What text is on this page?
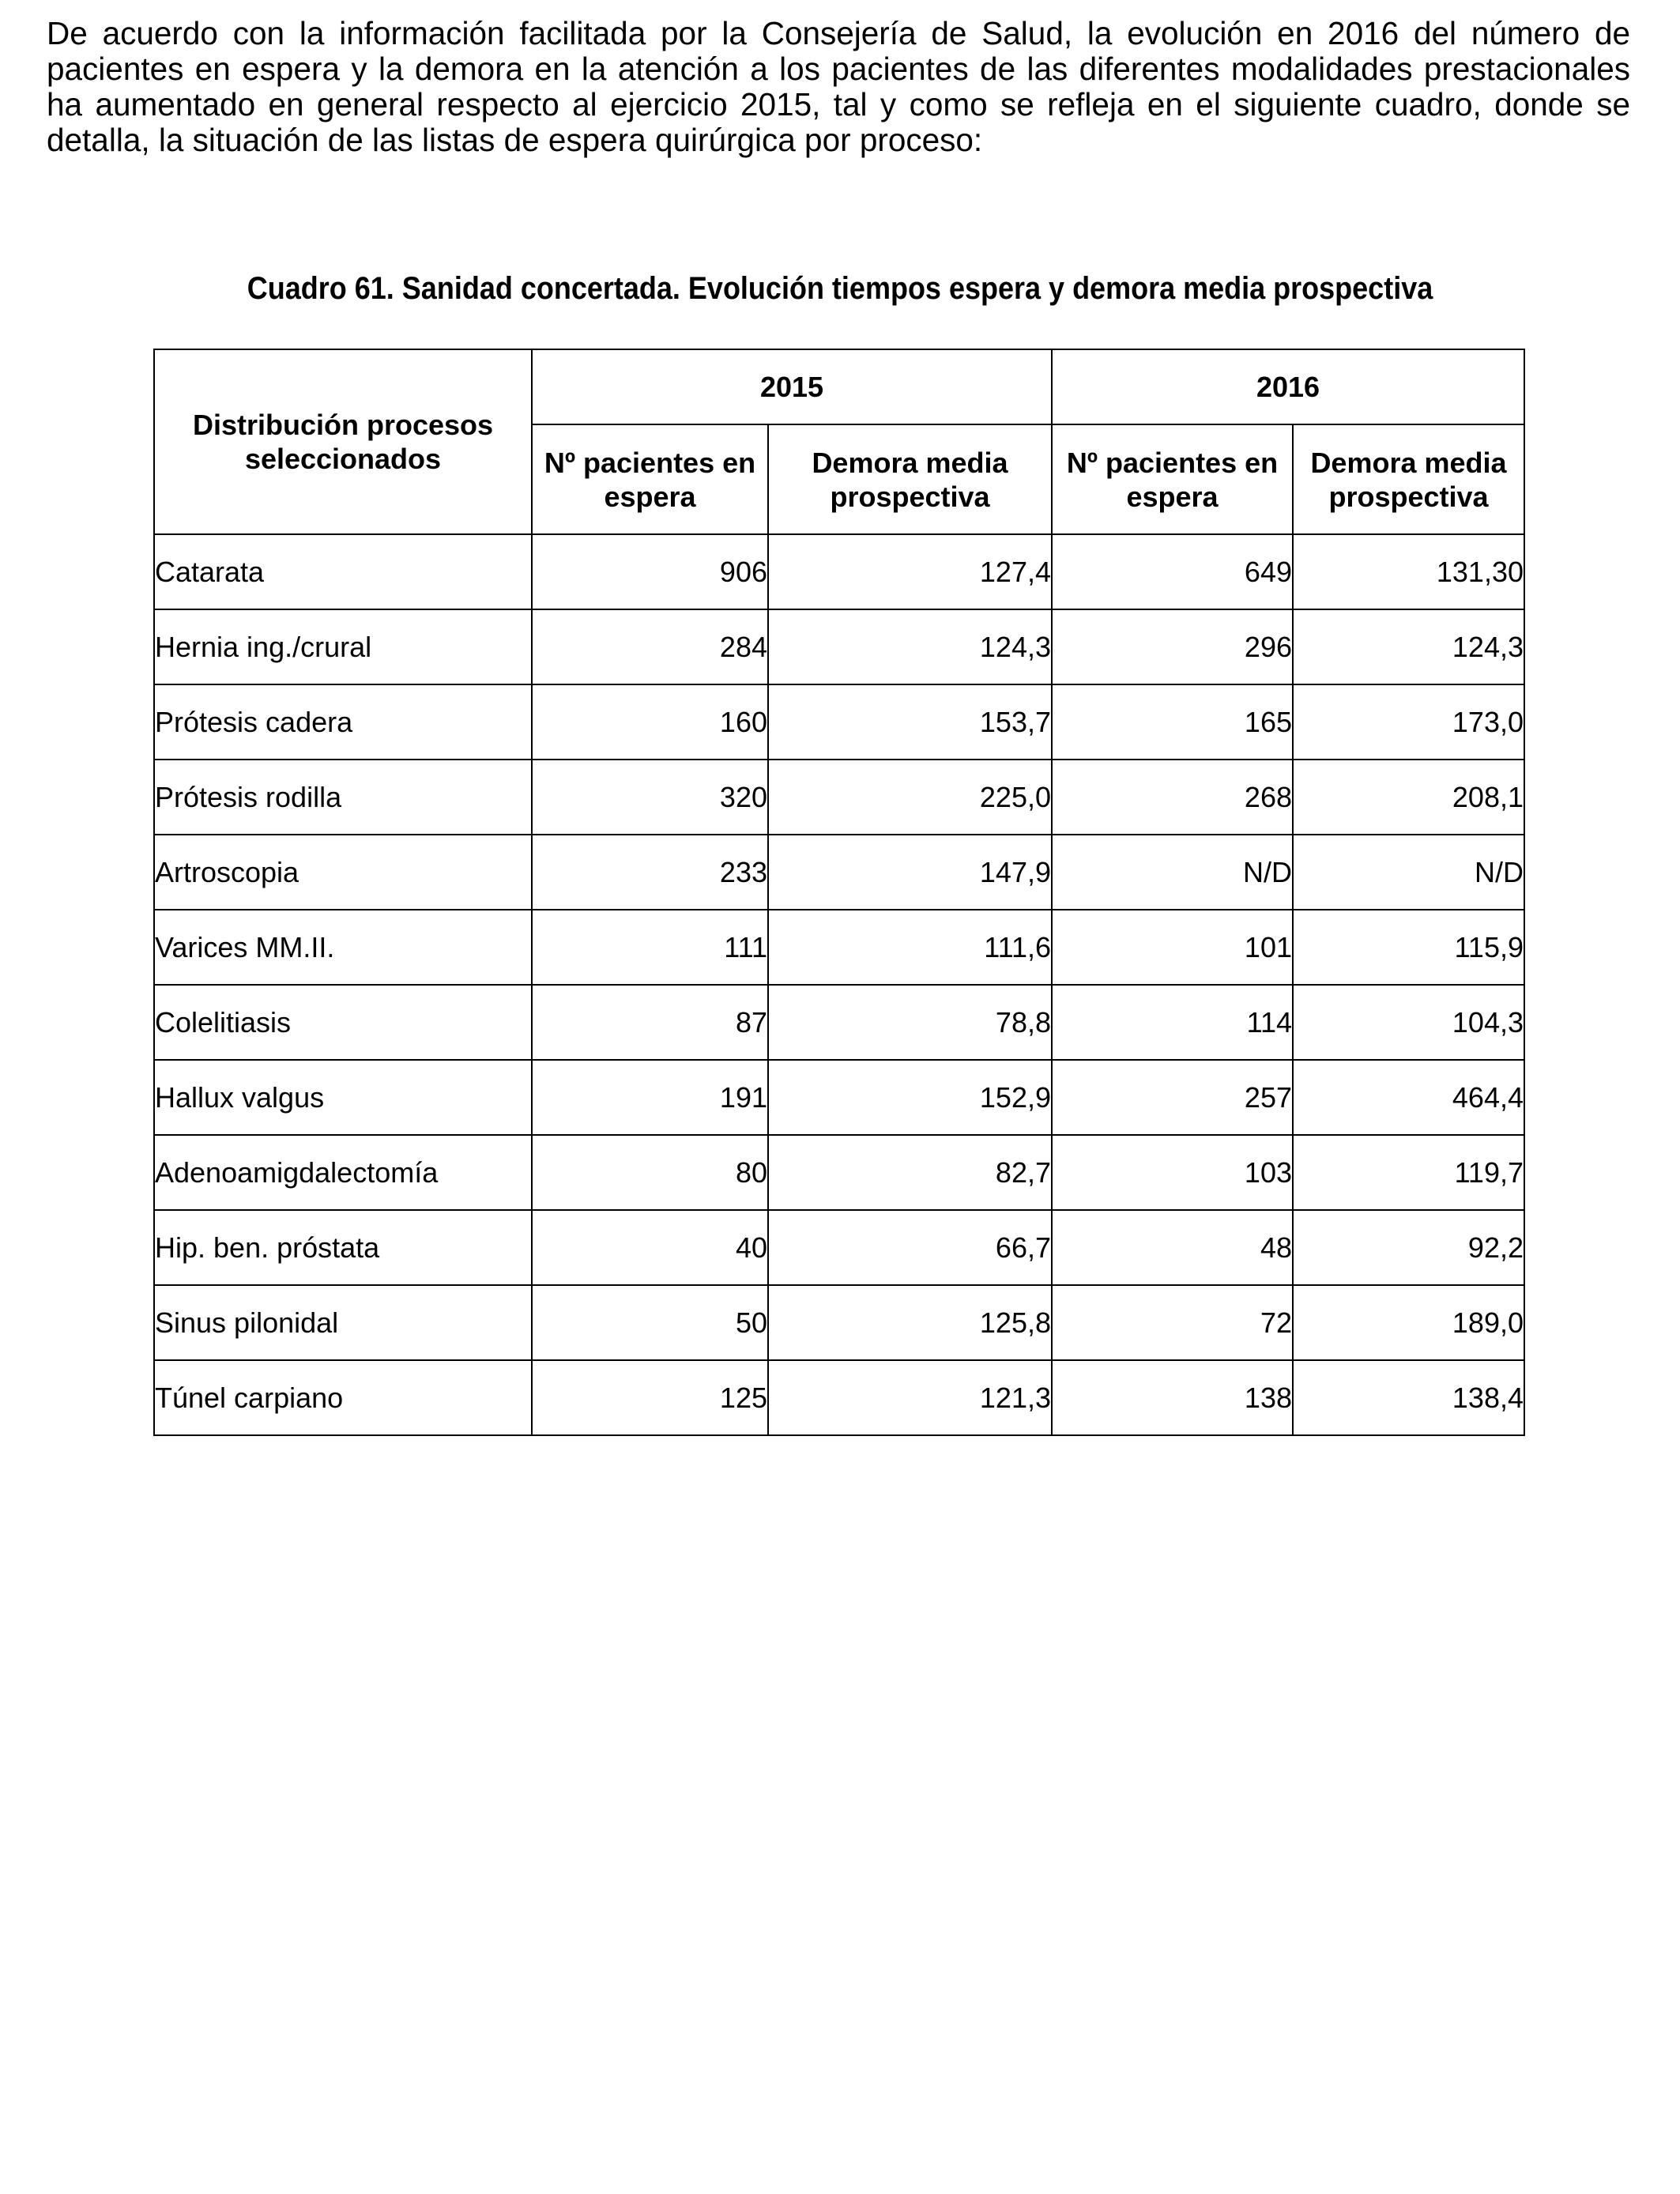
De acuerdo con la información facilitada por la Consejería de Salud, la evolución en 2016 del número de pacientes en espera y la demora en la atención a los pacientes de las diferentes modalidades prestacionales ha aumentado en general respecto al ejercicio 2015, tal y como se refleja en el siguiente cuadro, donde se detalla, la situación de las listas de espera quirúrgica por proceso:

Cuadro 61. Sanidad concertada. Evolución tiempos espera y demora media prospectiva

Distribución procesos seleccionados	2015		2016	
	Nº pacientes en espera	Demora media prospectiva	Nº pacientes en espera	Demora media prospectiva
Catarata	906	127,4	649	131,30
Hernia ing./crural	284	124,3	296	124,3
Prótesis cadera	160	153,7	165	173,0
Prótesis rodilla	320	225,0	268	208,1
Artroscopia	233	147,9	N/D	N/D
Varices MM.II.	111	111,6	101	115,9
Colelitiasis	87	78,8	114	104,3
Hallux valgus	191	152,9	257	464,4
Adenoamigdalectomía	80	82,7	103	119,7
Hip. ben. próstata	40	66,7	48	92,2
Sinus pilonidal	50	125,8	72	189,0
Túnel carpiano	125	121,3	138	138,4
